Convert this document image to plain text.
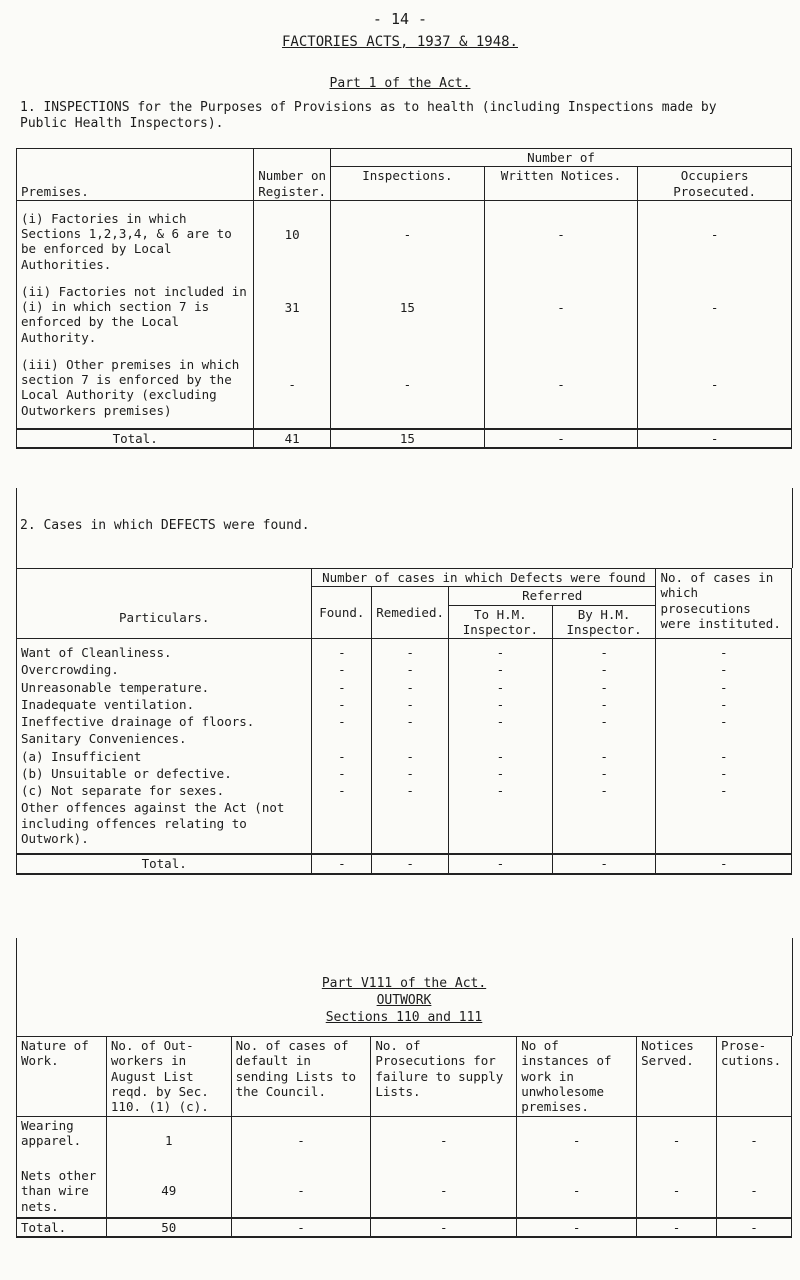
- 14 -
FACTORIES ACTS, 1937 & 1948.
Part 1 of the Act.
1. INSPECTIONS for the Purposes of Provisions as to health (including Inspections made by Public Health Inspectors).
Premises.	Number on Register.	Number of		
		Inspections.	Written Notices.	Occupiers Prosecuted.
(i) Factories in which Sections 1,2,3,4, & 6 are to be enforced by Local Authorities.	10	-	-	-
(ii) Factories not included in (i) in which section 7 is enforced by the Local Authority.	31	15	-	-
(iii) Other premises in which section 7 is enforced by the Local Authority (excluding Outworkers premises)	-	-	-	-
Total.	41	15	-	-
2. Cases in which DEFECTS were found.
Particulars.	Number of cases in which Defects were found				No. of cases in which prosecutions were instituted.
	Found.	Remedied.	Referred		
			To H.M. Inspector.	By H.M. Inspector.	
Want of Cleanliness.	-	-	-	-	-
Overcrowding.	-	-	-	-	-
Unreasonable temperature.	-	-	-	-	-
Inadequate ventilation.	-	-	-	-	-
Ineffective drainage of floors.	-	-	-	-	-
Sanitary Conveniences.					
(a) Insufficient	-	-	-	-	-
(b) Unsuitable or defective.	-	-	-	-	-
(c) Not separate for sexes.	-	-	-	-	-
Other offences against the Act (not including offences relating to Outwork).					
Total.	-	-	-	-	-
Part V111 of the Act.
OUTWORK
Sections 110 and 111
Nature of Work.	No. of Out-workers in August List reqd. by Sec. 110. (1) (c).	No. of cases of default in sending Lists to the Council.	No. of Prosecutions for failure to supply Lists.	No of instances of work in unwholesome premises.	Notices Served.	Prose-cutions.
Wearing apparel.	1	-	-	-	-	-
Nets other than wire nets.	49	-	-	-	-	-
Total.	50	-	-	-	-	-
